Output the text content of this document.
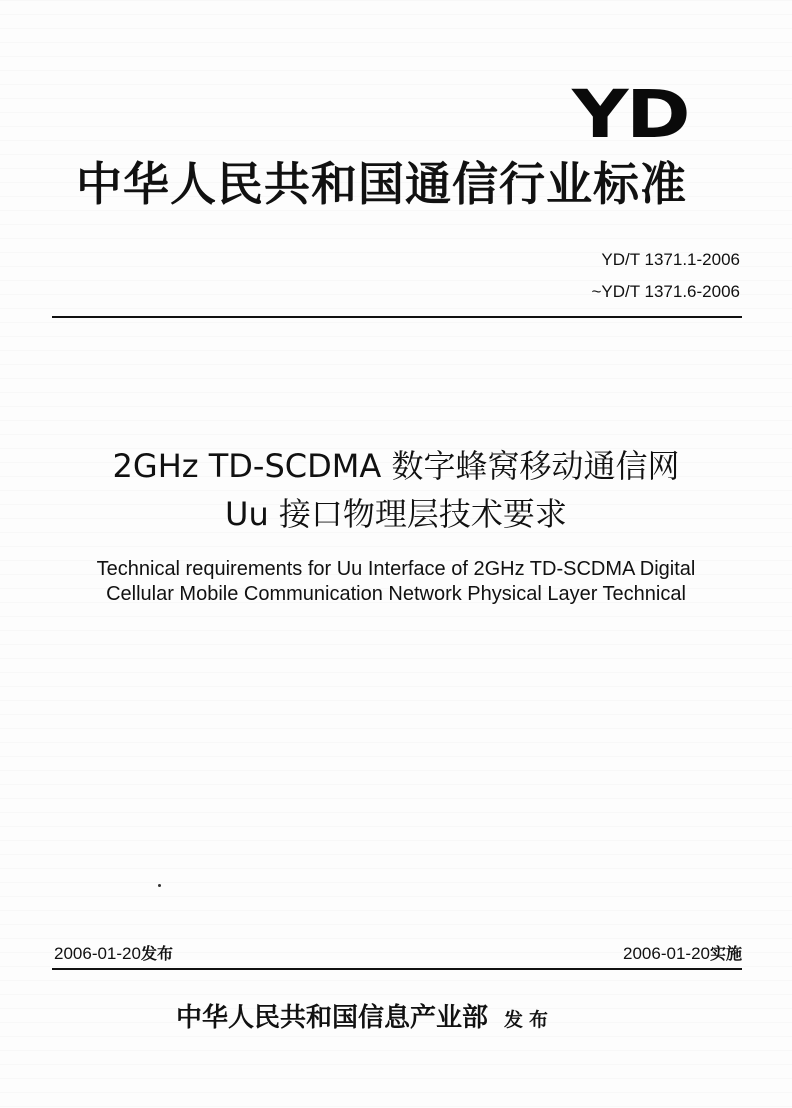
YD
中华人民共和国通信行业标准
YD/T 1371.1-2006
~YD/T 1371.6-2006
2GHz TD-SCDMA 数字蜂窝移动通信网
Uu 接口物理层技术要求
Technical requirements for Uu Interface of 2GHz TD-SCDMA Digital
Cellular Mobile Communication Network Physical Layer Technical
2006-01-20发布	2006-01-20实施
中华人民共和国信息产业部 发布
